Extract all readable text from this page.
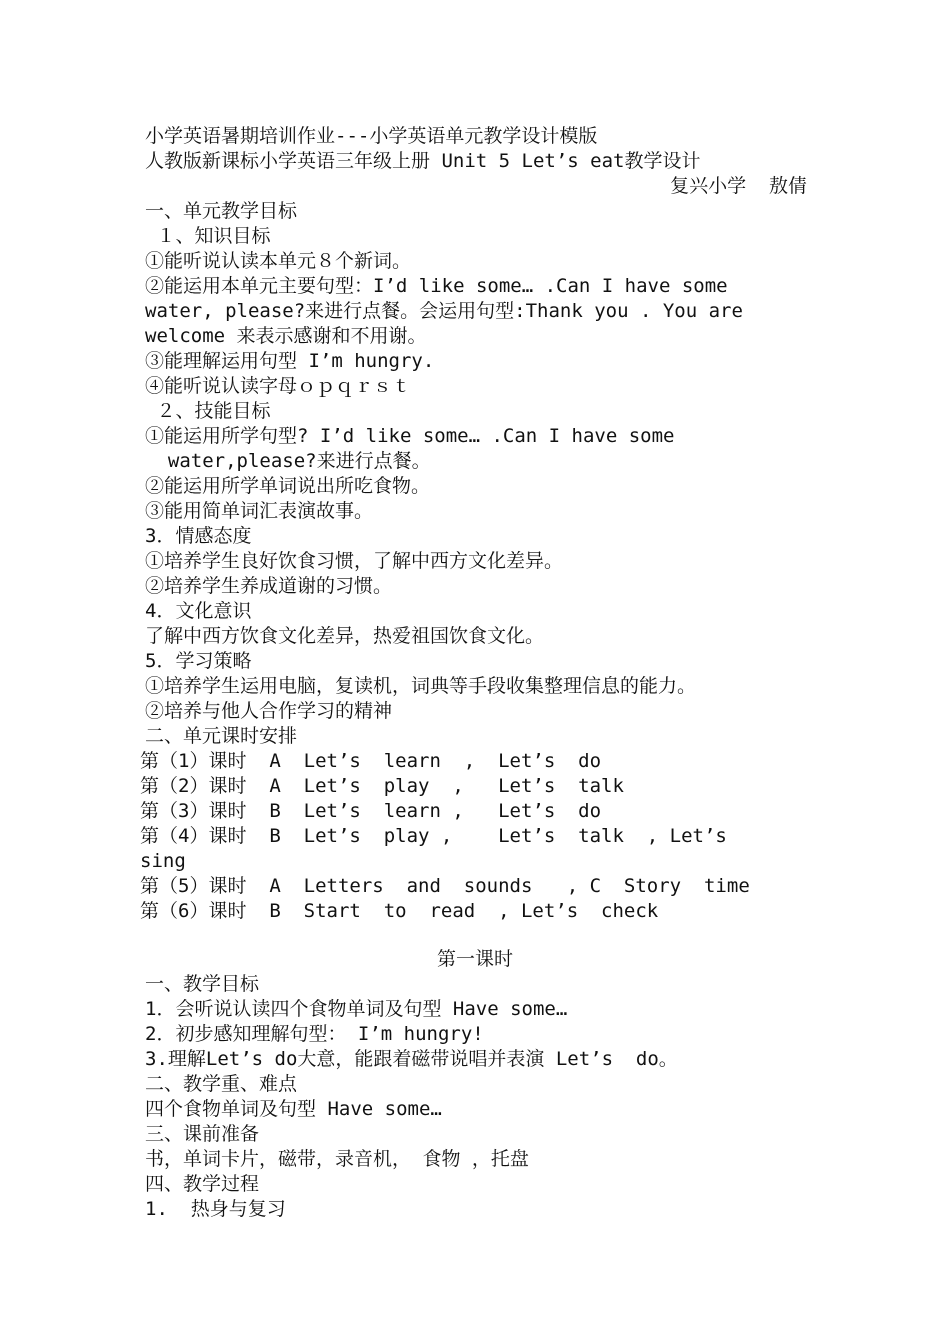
小学英语暑期培训作业---小学英语单元教学设计模版
人教版新课标小学英语三年级上册 Unit 5 Let’s eat教学设计
复兴小学  敖倩
一、单元教学目标
１、知识目标
①能听说认读本单元８个新词。
②能运用本单元主要句型：I’d like some… .Can I have some
water, please?来进行点餐。会运用句型:Thank you . You are
welcome 来表示感谢和不用谢。
③能理解运用句型 I’m hungry.
④能听说认读字母ｏｐｑｒｓｔ
２、技能目标
①能运用所学句型? I’d like some… .Can I have some
water,please?来进行点餐。
②能运用所学单词说出所吃食物。
③能用简单词汇表演故事。
3．情感态度
①培养学生良好饮食习惯，了解中西方文化差异。
②培养学生养成道谢的习惯。
4．文化意识
了解中西方饮食文化差异，热爱祖国饮食文化。
5．学习策略
①培养学生运用电脑，复读机，词典等手段收集整理信息的能力。
②培养与他人合作学习的精神
二、单元课时安排
第（1）课时  A  Let’s  learn  ,  Let’s  do
第（2）课时  A  Let’s  play  ,   Let’s  talk
第（3）课时  B  Let’s  learn ,   Let’s  do
第（4）课时  B  Let’s  play ,    Let’s  talk  , Let’s
sing
第（5）课时  A  Letters  and  sounds   , C  Story  time
第（6）课时  B  Start  to  read  , Let’s  check
第一课时
一、教学目标
1．会听说认读四个食物单词及句型 Have some…
2．初步感知理解句型： I’m hungry!
3.理解Let’s do大意，能跟着磁带说唱并表演 Let’s  do。
二、教学重、难点
四个食物单词及句型 Have some…
三、课前准备
书，单词卡片，磁带，录音机， 食物 ，托盘
四、教学过程
1.  热身与复习
